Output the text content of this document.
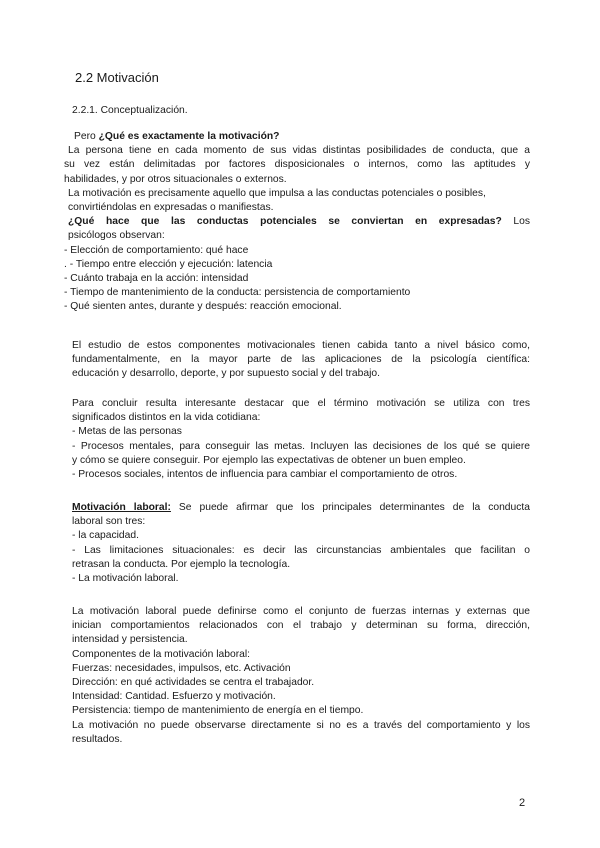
2.2 Motivación
2.2.1. Conceptualización.
Pero ¿Qué es exactamente la motivación?
La persona tiene en cada momento de sus vidas distintas posibilidades de conducta, que a
su vez están delimitadas por factores disposicionales o internos, como las aptitudes y
habilidades, y por otros situacionales o externos.
La motivación es precisamente aquello que impulsa a las conductas potenciales o posibles,
convirtiéndolas en expresadas o manifiestas.
¿Qué hace que las conductas potenciales se conviertan en expresadas? Los
psicólogos observan:
- Elección de comportamiento: qué hace
. - Tiempo entre elección y ejecución: latencia
- Cuánto trabaja en la acción: intensidad
- Tiempo de mantenimiento de la conducta: persistencia de comportamiento
- Qué sienten antes, durante y después: reacción emocional.
El estudio de estos componentes motivacionales tienen cabida tanto a nivel básico como,
fundamentalmente, en la mayor parte de las aplicaciones de la psicología científica:
educación y desarrollo, deporte, y por supuesto social y del trabajo.
Para concluir resulta interesante destacar que el término motivación se utiliza con tres
significados distintos en la vida cotidiana:
- Metas de las personas
- Procesos mentales, para conseguir las metas. Incluyen las decisiones de los qué se quiere
y cómo se quiere conseguir. Por ejemplo las expectativas de obtener un buen empleo.
- Procesos sociales, intentos de influencia para cambiar el comportamiento de otros.
Motivación laboral: Se puede afirmar que los principales determinantes de la conducta
laboral son tres:
- la capacidad.
- Las limitaciones situacionales: es decir las circunstancias ambientales que facilitan o
retrasan la conducta. Por ejemplo la tecnología.
- La motivación laboral.
La motivación laboral puede definirse como el conjunto de fuerzas internas y externas que
inician comportamientos relacionados con el trabajo y determinan su forma, dirección,
intensidad y persistencia.
Componentes de la motivación laboral:
Fuerzas: necesidades, impulsos, etc. Activación
Dirección: en qué actividades se centra el trabajador.
Intensidad: Cantidad. Esfuerzo y motivación.
Persistencia: tiempo de mantenimiento de energía en el tiempo.
La motivación no puede observarse directamente si no es a través del comportamiento y los
resultados.
2
